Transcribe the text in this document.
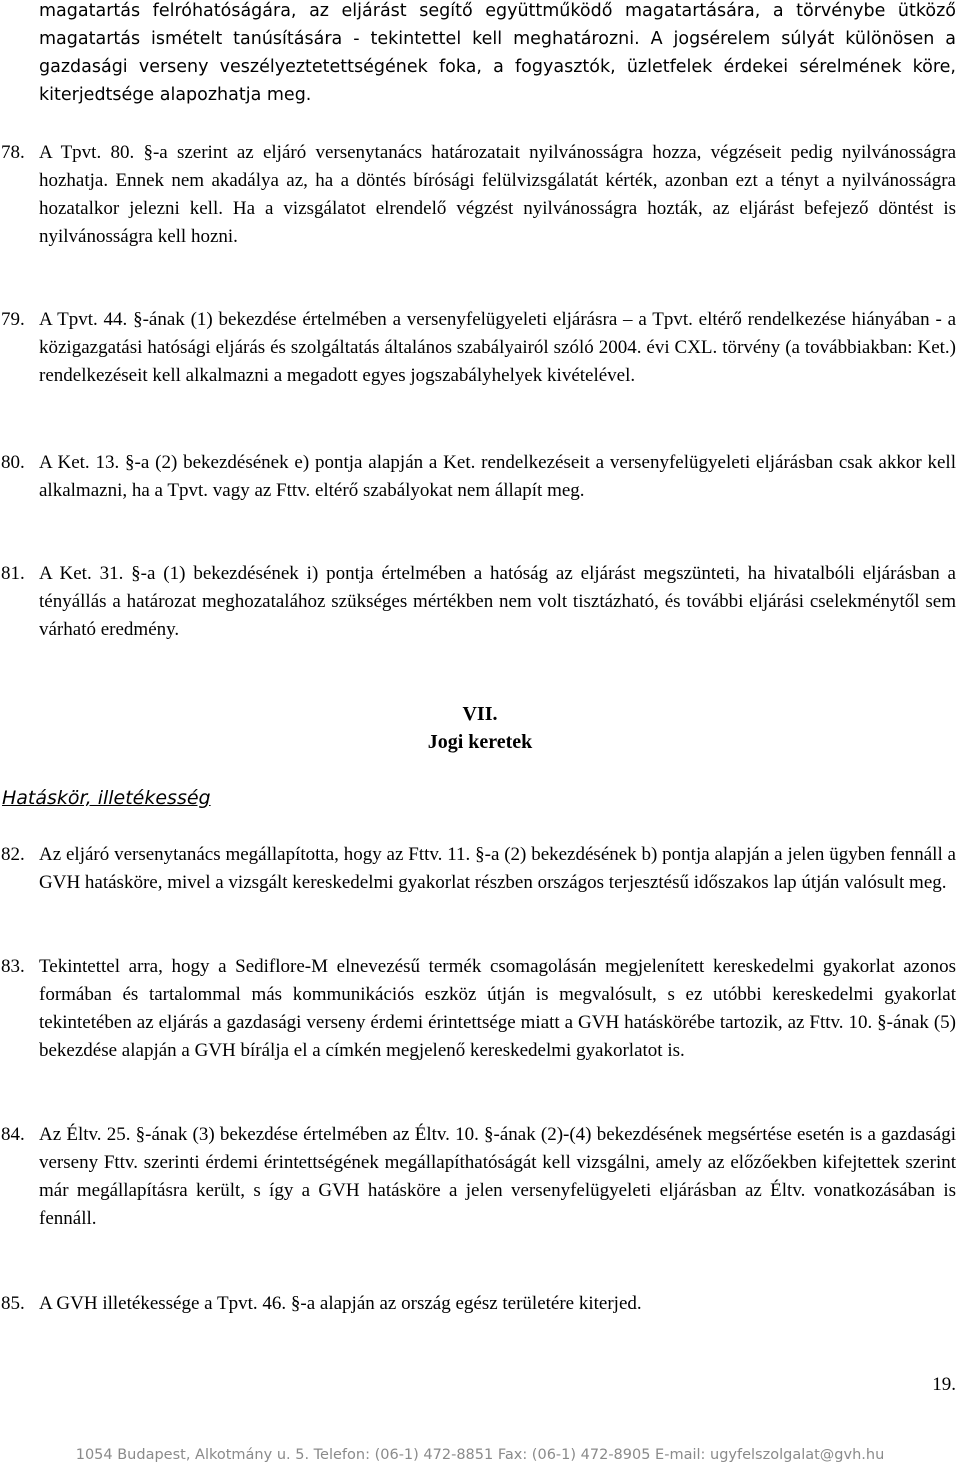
magatartás felróhatóságára, az eljárást segítő együttműködő magatartására, a törvénybe ütköző magatartás ismételt tanúsítására - tekintettel kell meghatározni. A jogsérelem súlyát különösen a gazdasági verseny veszélyeztetettségének foka, a fogyasztók, üzletfelek érdekei sérelmének köre, kiterjedtsége alapozhatja meg.

78. A Tpvt. 80. §-a szerint az eljáró versenytanács határozatait nyilvánosságra hozza, végzéseit pedig nyilvánosságra hozhatja. Ennek nem akadálya az, ha a döntés bírósági felülvizsgálatát kérték, azonban ezt a tényt a nyilvánosságra hozatalkor jelezni kell. Ha a vizsgálatot elrendelő végzést nyilvánosságra hozták, az eljárást befejező döntést is nyilvánosságra kell hozni.
79. A Tpvt. 44. §-ának (1) bekezdése értelmében a versenyfelügyeleti eljárásra – a Tpvt. eltérő rendelkezése hiányában - a közigazgatási hatósági eljárás és szolgáltatás általános szabályairól szóló 2004. évi CXL. törvény (a továbbiakban: Ket.) rendelkezéseit kell alkalmazni a megadott egyes jogszabályhelyek kivételével.
80. A Ket. 13. §-a (2) bekezdésének e) pontja alapján a Ket. rendelkezéseit a versenyfelügyeleti eljárásban csak akkor kell alkalmazni, ha a Tpvt. vagy az Fttv. eltérő szabályokat nem állapít meg.
81. A Ket. 31. §-a (1) bekezdésének i) pontja értelmében a hatóság az eljárást megszünteti, ha hivatalbóli eljárásban a tényállás a határozat meghozatalához szükséges mértékben nem volt tisztázható, és további eljárási cselekménytől sem várható eredmény.
VII.
Jogi keretek
Hatáskör, illetékesség
82. Az eljáró versenytanács megállapította, hogy az Fttv. 11. §-a (2) bekezdésének b) pontja alapján a jelen ügyben fennáll a GVH hatásköre, mivel a vizsgált kereskedelmi gyakorlat részben országos terjesztésű időszakos lap útján valósult meg.
83. Tekintettel arra, hogy a Sediflore-M elnevezésű termék csomagolásán megjelenített kereskedelmi gyakorlat azonos formában és tartalommal más kommunikációs eszköz útján is megvalósult, s ez utóbbi kereskedelmi gyakorlat tekintetében az eljárás a gazdasági verseny érdemi érintettsége miatt a GVH hatáskörébe tartozik, az Fttv. 10. §-ának (5) bekezdése alapján a GVH bírálja el a címkén megjelenő kereskedelmi gyakorlatot is.
84. Az Éltv. 25. §-ának (3) bekezdése értelmében az Éltv. 10. §-ának (2)-(4) bekezdésének megsértése esetén is a gazdasági verseny Fttv. szerinti érdemi érintettségének megállapíthatóságát kell vizsgálni, amely az előzőekben kifejtettek szerint már megállapításra került, s így a GVH hatásköre a jelen versenyfelügyeleti eljárásban az Éltv. vonatkozásában is fennáll.
85. A GVH illetékessége a Tpvt. 46. §-a alapján az ország egész területére kiterjed.
19.
1054 Budapest, Alkotmány u. 5. Telefon: (06-1) 472-8851 Fax: (06-1) 472-8905 E-mail: ugyfelszolgalat@gvh.hu
